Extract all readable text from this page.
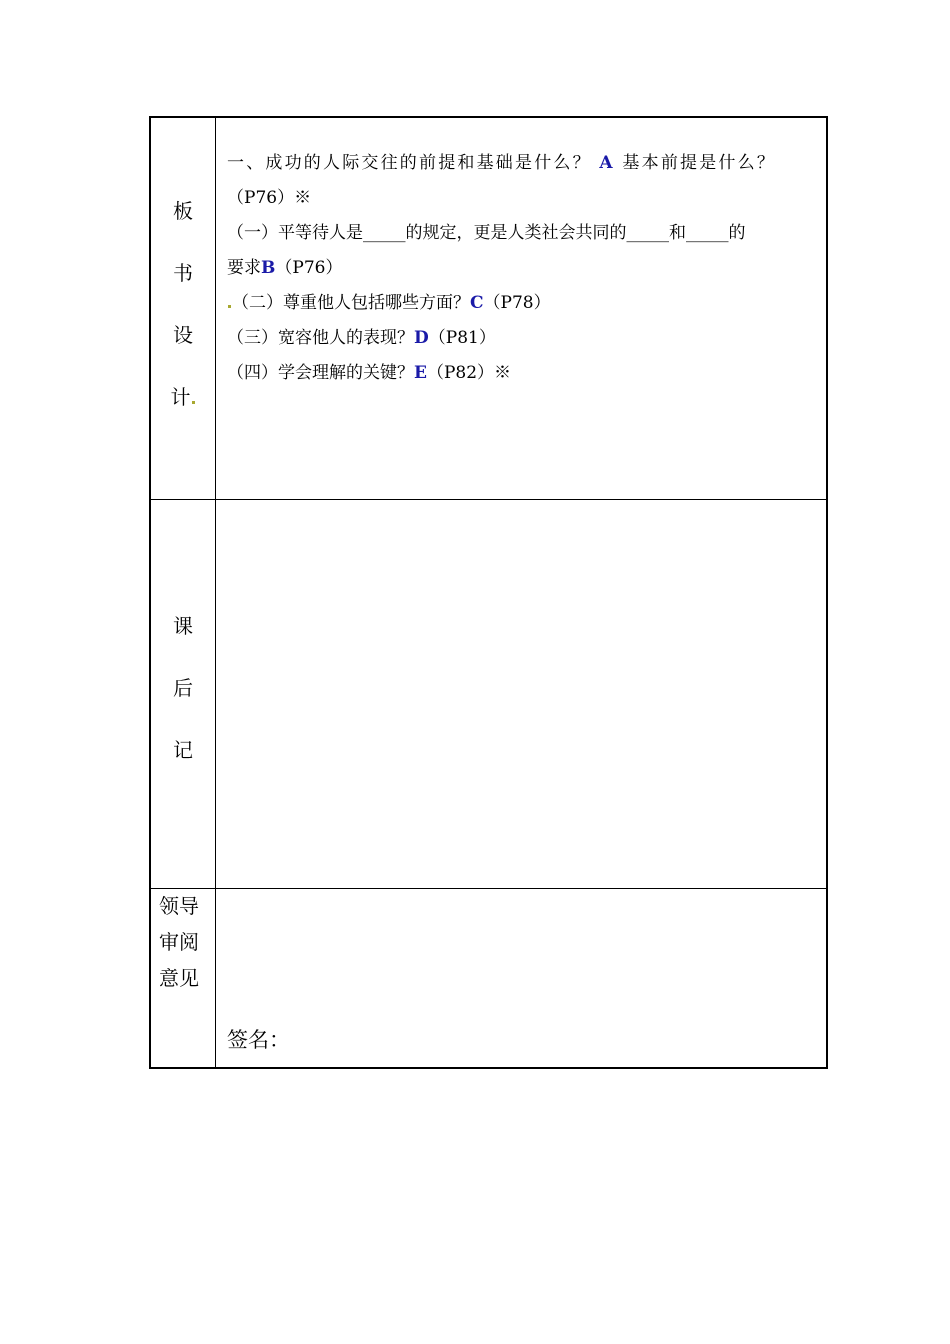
板
书
设
计
一、成功的人际交往的前提和基础是什么？ A 基本前提是什么？
（P76）※
（一）平等待人是_____的规定，更是人类社会共同的_____和_____的
要求B（P76）
（二）尊重他人包括哪些方面？C（P78）
（三）宽容他人的表现？D（P81）
（四）学会理解的关键？E（P82）※
课
后
记
领导
审阅
意见
签名：
